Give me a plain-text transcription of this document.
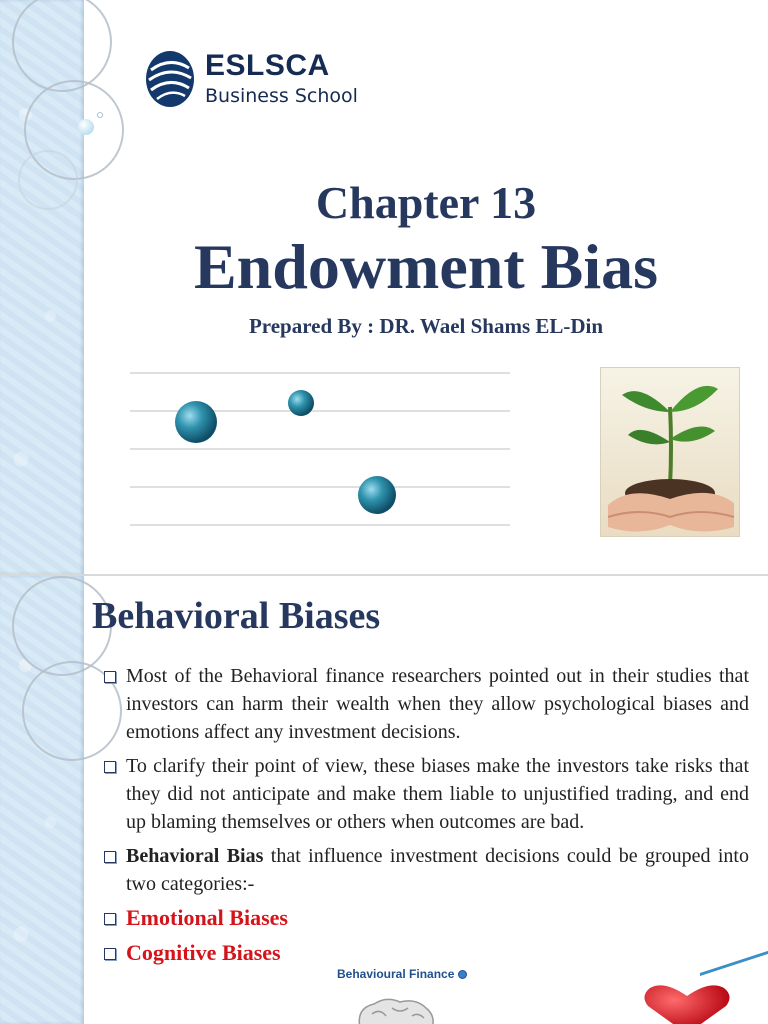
ESLSCA
Business School
Chapter 13
Endowment Bias
Prepared By : DR. Wael Shams EL-Din
Behavioral Biases
Most of the Behavioral finance researchers pointed out in their studies that investors can harm their wealth when they allow psychological biases and emotions affect any investment decisions.
To clarify their point of view, these biases make the investors take risks that they did not anticipate and make them liable to unjustified trading, and end up blaming themselves or others when outcomes are bad.
Behavioral Bias that influence investment decisions could be grouped into two categories:-
Emotional Biases
Cognitive Biases
Behavioural Finance
